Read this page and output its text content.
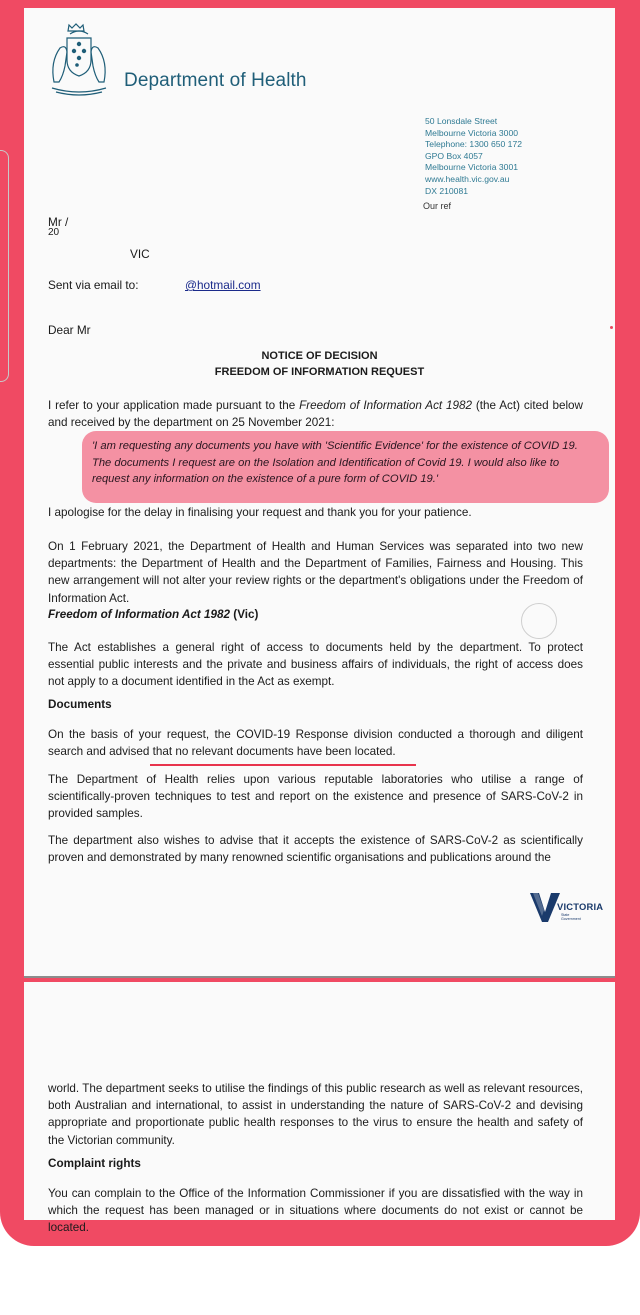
Department of Health
50 Lonsdale Street
Melbourne Victoria 3000
Telephone: 1300 650 172
GPO Box 4057
Melbourne Victoria 3001
www.health.vic.gov.au
DX 210081
Our ref
Mr /
20
VIC
Sent via email to:	@hotmail.com
Dear Mr
NOTICE OF DECISION
FREEDOM OF INFORMATION REQUEST
I refer to your application made pursuant to the Freedom of Information Act 1982 (the Act) cited below and received by the department on 25 November 2021:
'I am requesting any documents you have with 'Scientific Evidence' for the existence of COVID 19. The documents I request are on the Isolation and Identification of Covid 19. I would also like to request any information on the existence of a pure form of COVID 19.'
I apologise for the delay in finalising your request and thank you for your patience.
On 1 February 2021, the Department of Health and Human Services was separated into two new departments: the Department of Health and the Department of Families, Fairness and Housing. This new arrangement will not alter your review rights or the department's obligations under the Freedom of Information Act.
Freedom of Information Act 1982 (Vic)
The Act establishes a general right of access to documents held by the department. To protect essential public interests and the private and business affairs of individuals, the right of access does not apply to a document identified in the Act as exempt.
Documents
On the basis of your request, the COVID-19 Response division conducted a thorough and diligent search and advised that no relevant documents have been located.
The Department of Health relies upon various reputable laboratories who utilise a range of scientifically-proven techniques to test and report on the existence and presence of SARS-CoV-2 in provided samples.
The department also wishes to advise that it accepts the existence of SARS-CoV-2 as scientifically proven and demonstrated by many renowned scientific organisations and publications around the
VICTORIA
State
Government
world. The department seeks to utilise the findings of this public research as well as relevant resources, both Australian and international, to assist in understanding the nature of SARS-CoV-2 and devising appropriate and proportionate public health responses to the virus to ensure the health and safety of the Victorian community.
Complaint rights
You can complain to the Office of the Information Commissioner if you are dissatisfied with the way in which the request has been managed or in situations where documents do not exist or cannot be located.
